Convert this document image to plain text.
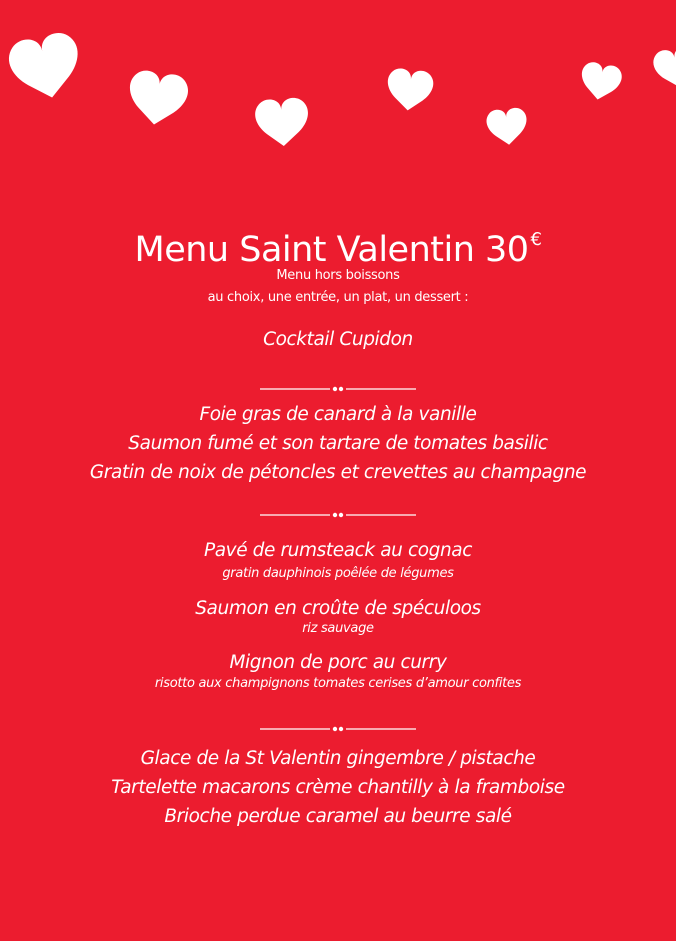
Menu Saint Valentin 30 €
Menu hors boissons
au choix, une entrée, un plat, un dessert :
Cocktail Cupidon
Foie gras de canard à la vanille
Saumon fumé et son tartare de tomates basilic
Gratin de noix de pétoncles et crevettes au champagne
Pavé de rumsteack au cognac
gratin dauphinois poêlée de légumes
Saumon en croûte de spéculoos
riz sauvage
Mignon de porc au curry
risotto aux champignons tomates cerises d’amour confites
Glace de la St Valentin gingembre / pistache
Tartelette macarons crème chantilly à la framboise
Brioche perdue caramel au beurre salé
